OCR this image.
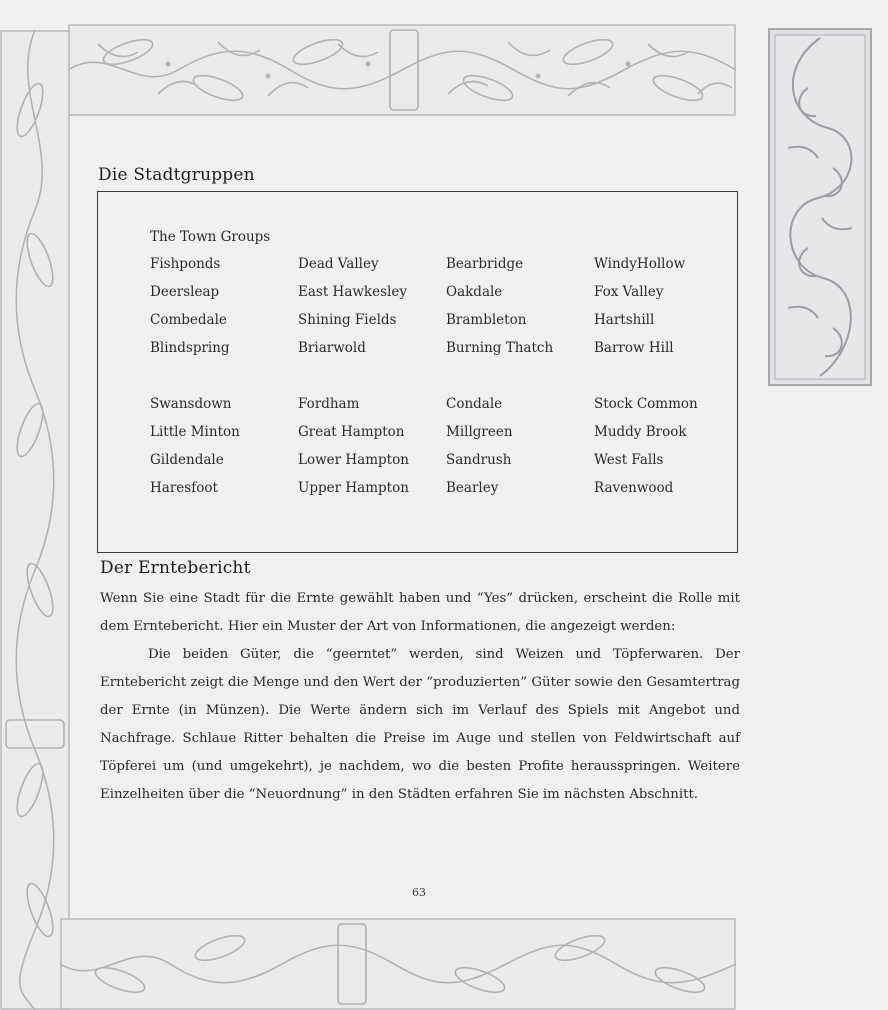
Die Stadtgruppen
The Town Groups
Fishponds	Dead Valley	Bearbridge	WindyHollow
Deersleap	East Hawkesley	Oakdale	Fox Valley
Combedale	Shining Fields	Brambleton	Hartshill
Blindspring	Briarwold	Burning Thatch	Barrow Hill
Swansdown	Fordham	Condale	Stock Common
Little Minton	Great Hampton	Millgreen	Muddy Brook
Gildendale	Lower Hampton	Sandrush	West Falls
Haresfoot	Upper Hampton	Bearley	Ravenwood
Der Erntebericht

Wenn Sie eine Stadt für die Ernte gewählt haben und “Yes” drücken, erscheint die Rolle mit dem Erntebericht. Hier ein Muster der Art von Informationen, die angezeigt werden:

Die beiden Güter, die “geerntet” werden, sind Weizen und Töpferwaren. Der Erntebericht zeigt die Menge und den Wert der “produzierten” Güter sowie den Gesamtertrag der Ernte (in Münzen). Die Werte ändern sich im Verlauf des Spiels mit Angebot und Nachfrage. Schlaue Ritter behalten die Preise im Auge und stellen von Feldwirtschaft auf Töpferei um (und umgekehrt), je nachdem, wo die besten Profite herausspringen. Weitere Einzelheiten über die “Neuordnung” in den Städten erfahren Sie im nächsten Abschnitt.

63
